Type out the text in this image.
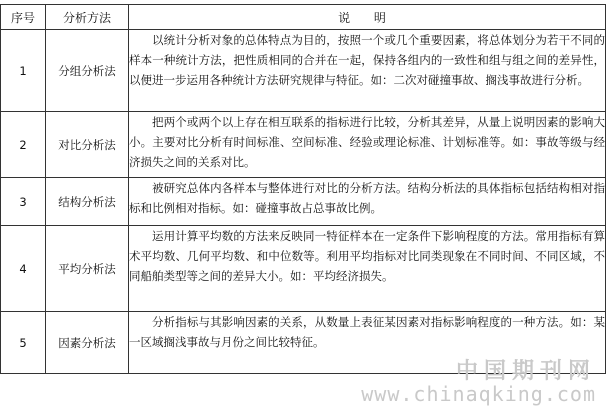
序号	分析方法	说 明
1	分组分析法	以统计分析对象的总体特点为目的，按照一个或几个重要因素，将总体划分为若干不同的样本一种统计方法，把性质相同的合并在一起，保持各组内的一致性和组与组之间的差异性，以便进一步运用各种统计方法研究规律与特征。如：二次对碰撞事故、搁浅事故进行分析。

2	对比分析法	把两个或两个以上存在相互联系的指标进行比较，分析其差异，从量上说明因素的影响大小。主要对比分析有时间标准、空间标准、经验或理论标准、计划标准等。如：事故等级与经济损失之间的关系对比。

3	结构分析法	被研究总体内各样本与整体进行对比的分析方法。结构分析法的具体指标包括结构相对指标和比例相对指标。如：碰撞事故占总事故比例。

4	平均分析法	运用计算平均数的方法来反映同一特征样本在一定条件下影响程度的方法。常用指标有算术平均数、几何平均数、和中位数等。利用平均指标对比同类现象在不同时间、不同区域，不同船舶类型等之间的差异大小。如：平均经济损失。

5	因素分析法	分析指标与其影响因素的关系，从数量上表征某因素对指标影响程度的一种方法。如：某一区域搁浅事故与月份之间比较特征。
中国期刊网
www.chinaqking.com
